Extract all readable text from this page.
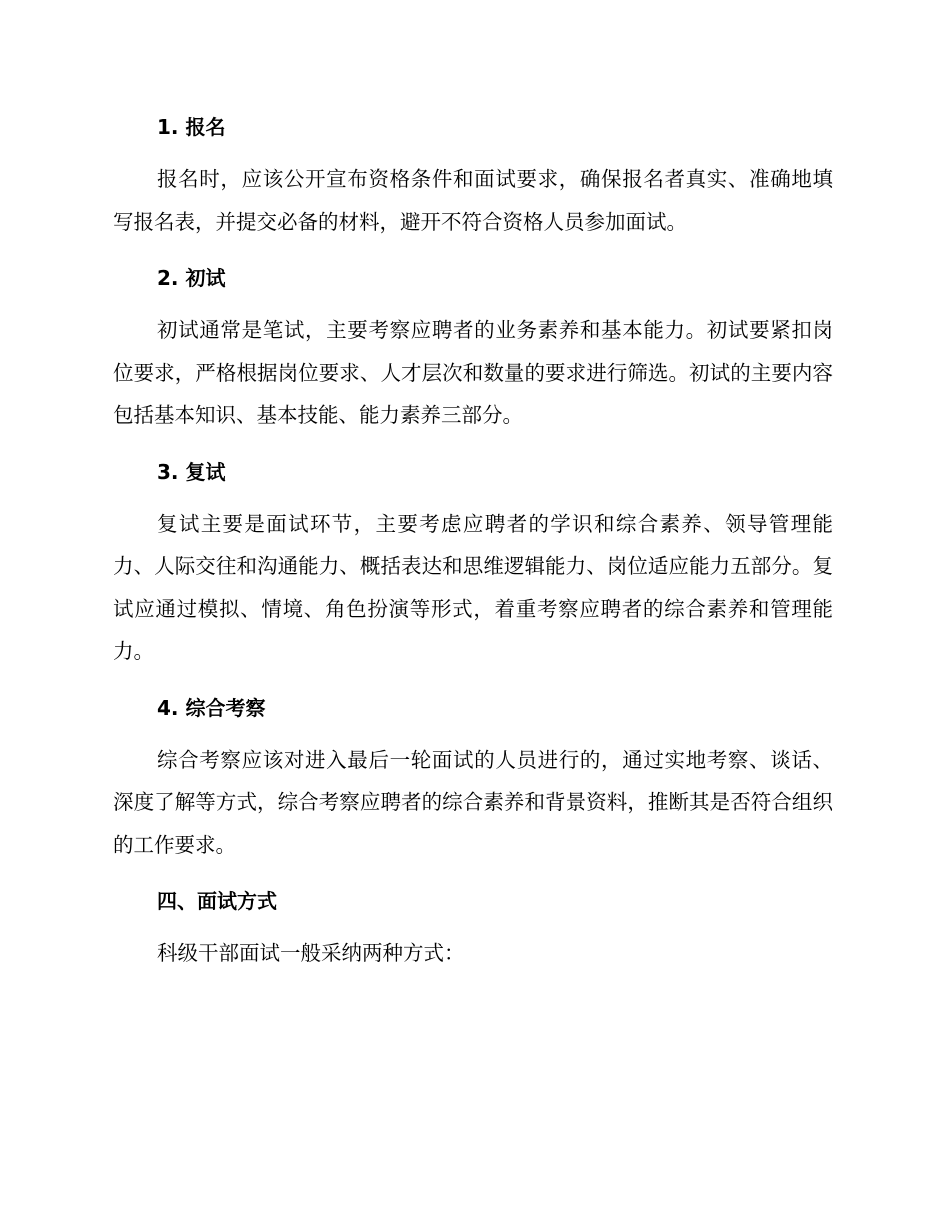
1. 报名
报名时，应该公开宣布资格条件和面试要求，确保报名者真实、准确地填写报名表，并提交必备的材料，避开不符合资格人员参加面试。
2. 初试
初试通常是笔试，主要考察应聘者的业务素养和基本能力。初试要紧扣岗位要求，严格根据岗位要求、人才层次和数量的要求进行筛选。初试的主要内容包括基本知识、基本技能、能力素养三部分。
3. 复试
复试主要是面试环节，主要考虑应聘者的学识和综合素养、领导管理能力、人际交往和沟通能力、概括表达和思维逻辑能力、岗位适应能力五部分。复试应通过模拟、情境、角色扮演等形式，着重考察应聘者的综合素养和管理能力。
4. 综合考察
综合考察应该对进入最后一轮面试的人员进行的，通过实地考察、谈话、深度了解等方式，综合考察应聘者的综合素养和背景资料，推断其是否符合组织的工作要求。
四、面试方式
科级干部面试一般采纳两种方式：
